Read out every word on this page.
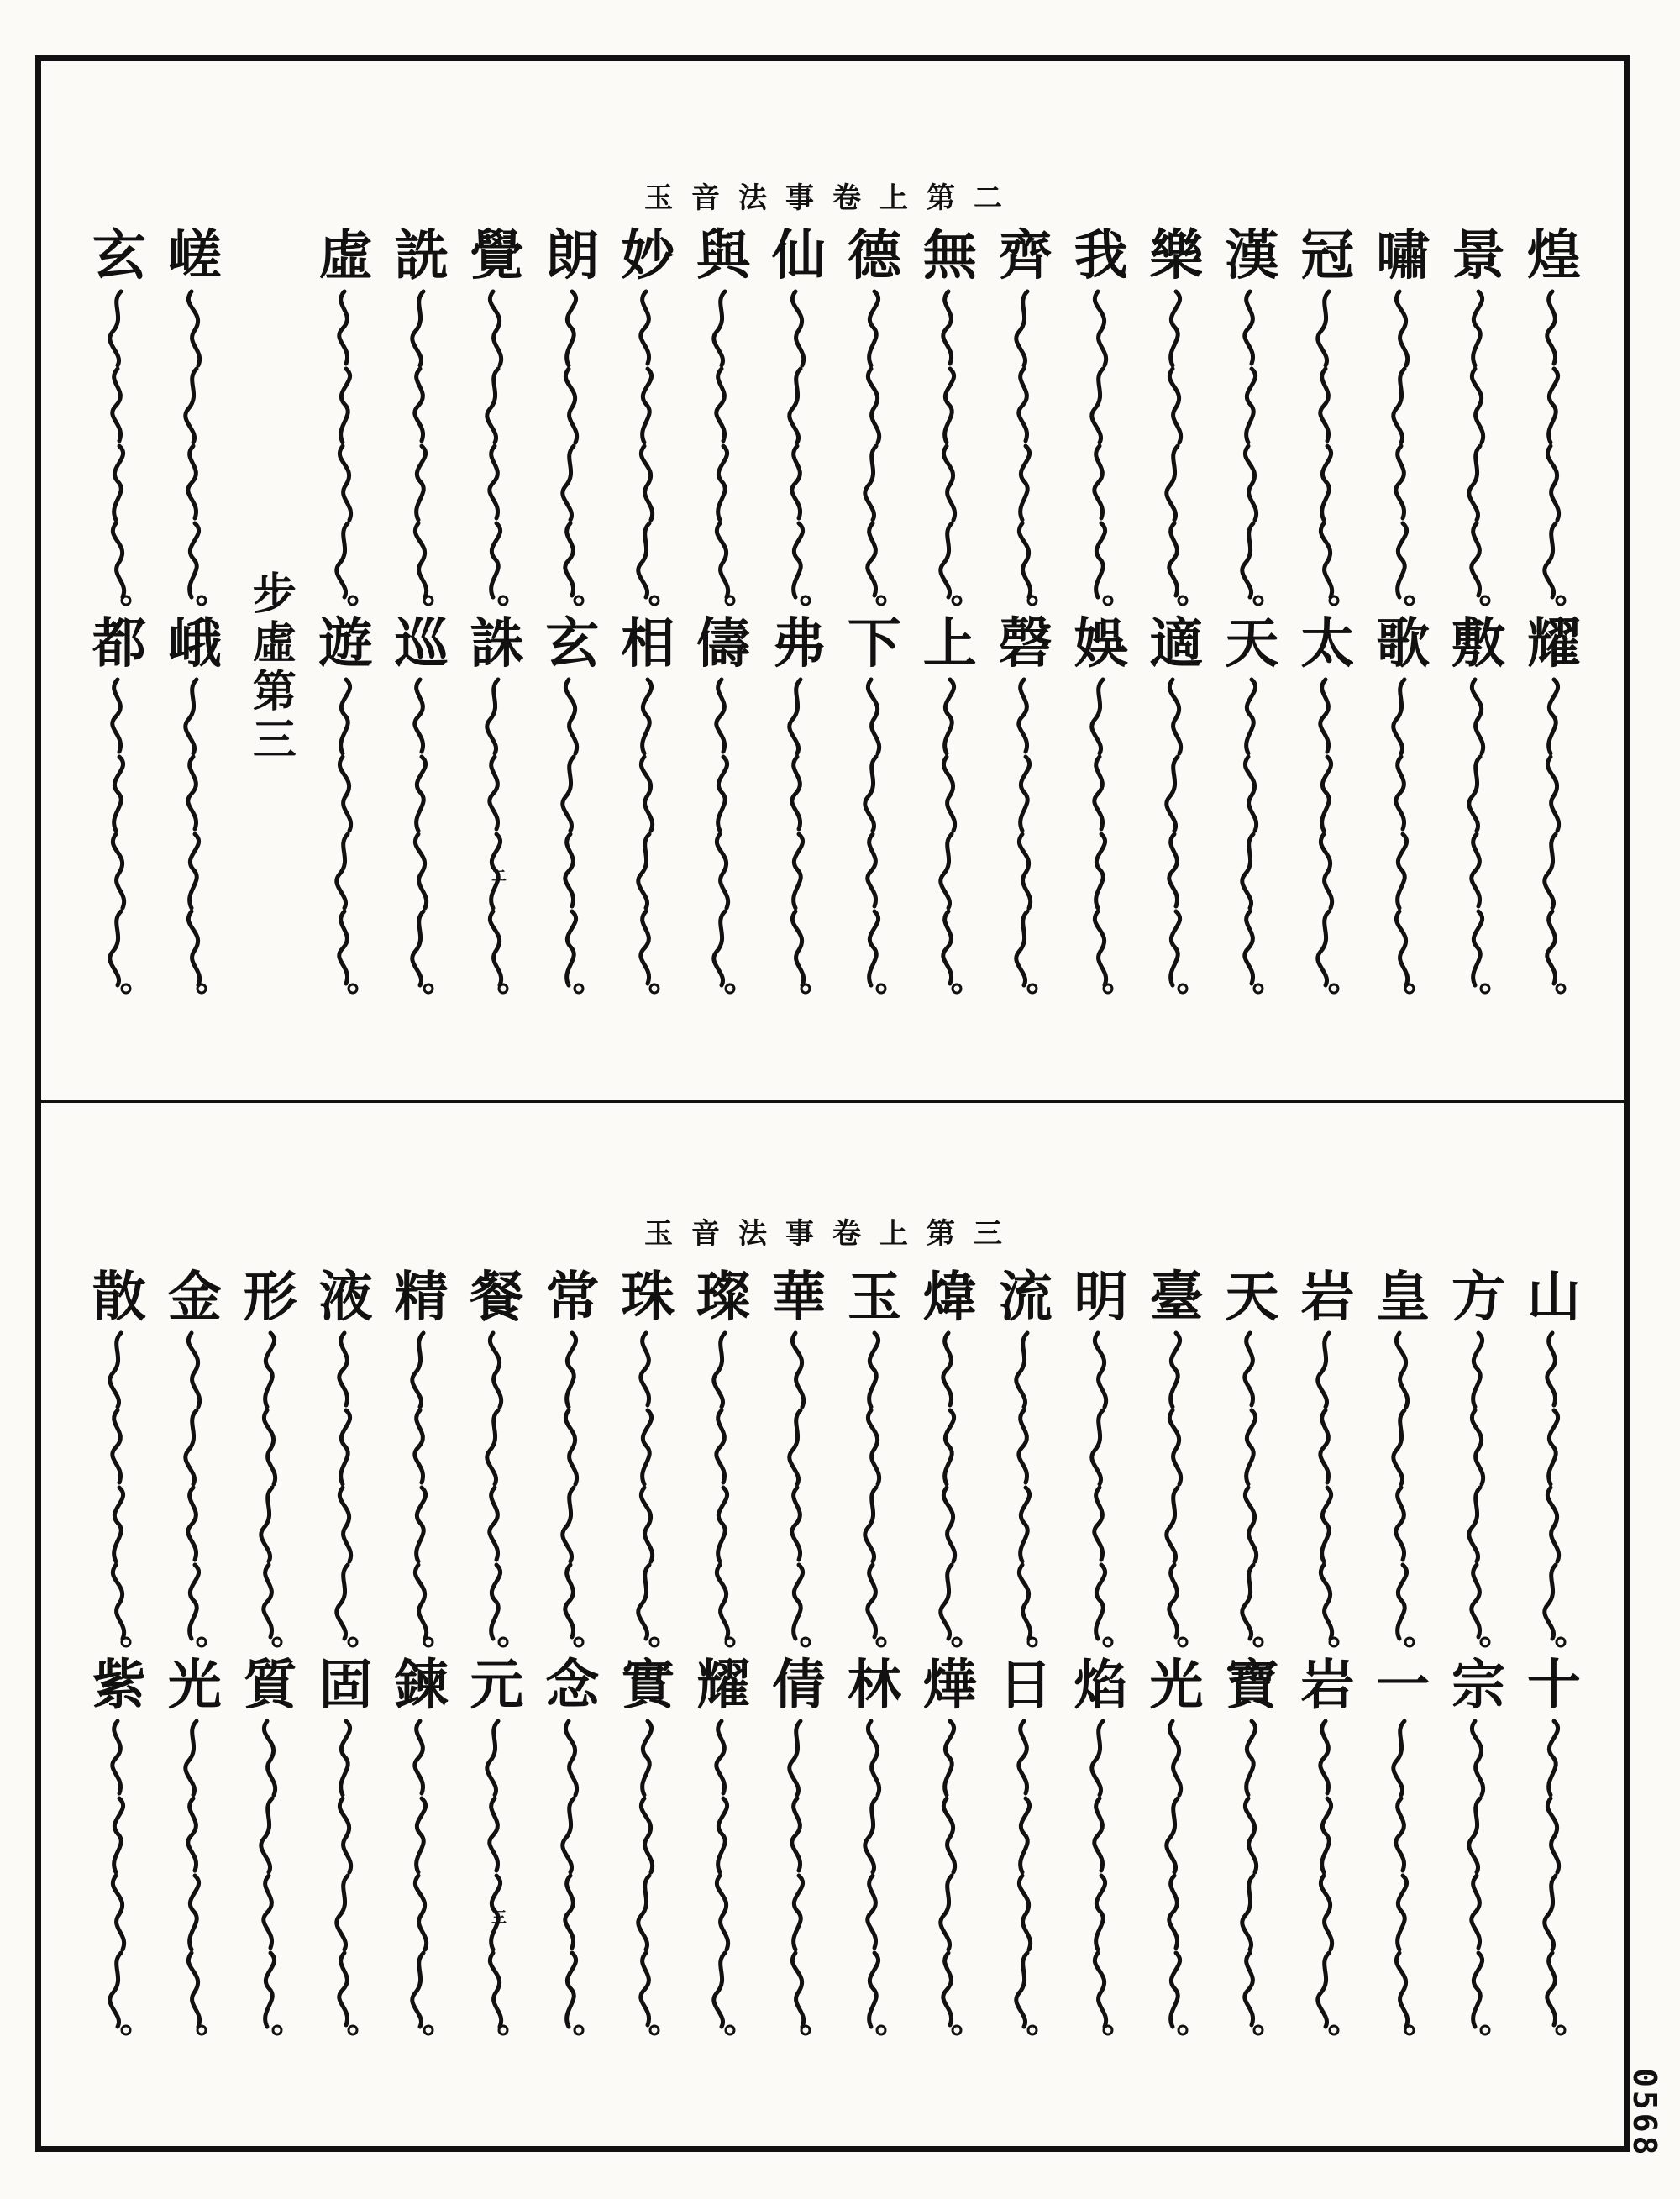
玉音法事卷上第二
煌
耀
景
敷
嘯
歌
冠
太
漢
天
樂
適
我
娛
齊
磬
無
上
德
下
仙
弗
與
儔
妙
相
朗
玄
覺
誅
詵
巡
虛
遊
步虛第三
嵯
峨
玄
都
二
玉音法事卷上第三
山
十
方
宗
皇
一
岩
岩
天
寶
臺
光
明
焰
流
日
煒
燁
玉
林
華
倩
璨
耀
珠
實
常
念
餐
元
精
鍊
液
固
形
質
金
光
散
紫
三
0568
